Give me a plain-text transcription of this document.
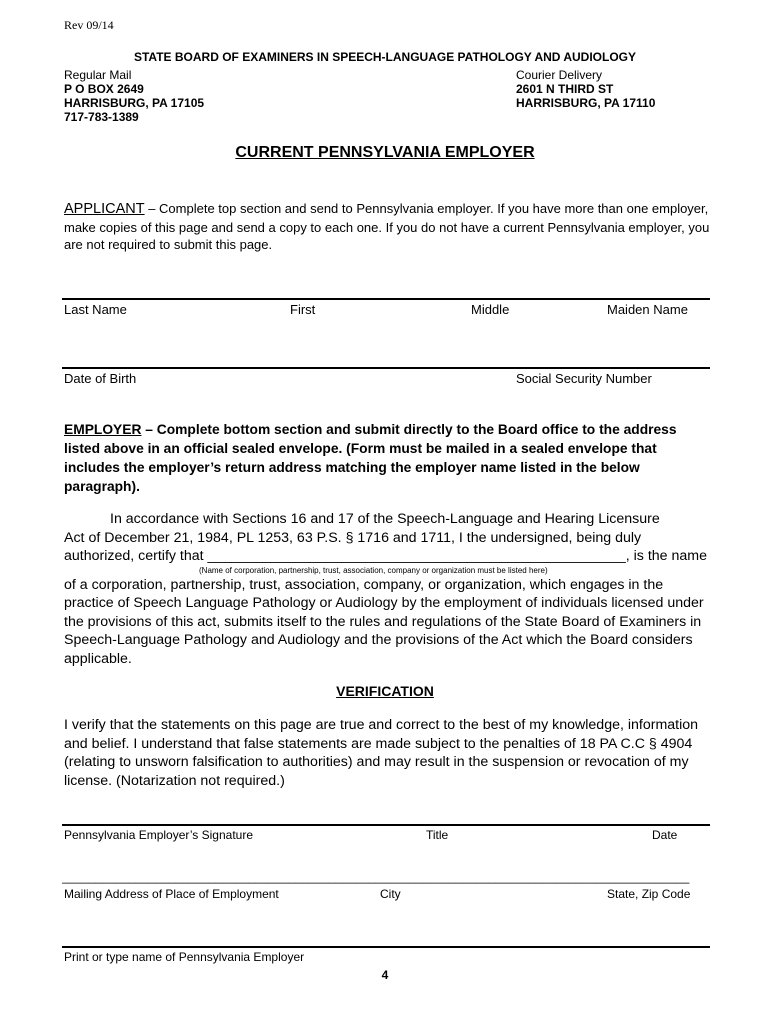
Rev 09/14
STATE BOARD OF EXAMINERS IN SPEECH-LANGUAGE PATHOLOGY AND AUDIOLOGY
Regular Mail
P O BOX 2649
HARRISBURG, PA 17105
717-783-1389
Courier Delivery
2601 N THIRD ST
HARRISBURG, PA 17110
CURRENT PENNSYLVANIA EMPLOYER
APPLICANT – Complete top section and send to Pennsylvania employer. If you have more than one employer, make copies of this page and send a copy to each one. If you do not have a current Pennsylvania employer, you are not required to submit this page.
Last Name	First	Middle	Maiden Name
Date of Birth	Social Security Number
EMPLOYER – Complete bottom section and submit directly to the Board office to the address listed above in an official sealed envelope. (Form must be mailed in a sealed envelope that includes the employer’s return address matching the employer name listed in the below paragraph).
In accordance with Sections 16 and 17 of the Speech-Language and Hearing Licensure
Act of December 21, 1984, PL 1253, 63 P.S. § 1716 and 1711, I the undersigned, being duly
authorized, certify that _____________________________________________________, is the name
(Name of corporation, partnership, trust, association, company or organization must be listed here)
of a corporation, partnership, trust, association, company, or organization, which engages in the practice of Speech Language Pathology or Audiology by the employment of individuals licensed under the provisions of this act, submits itself to the rules and regulations of the State Board of Examiners in Speech-Language Pathology and Audiology and the provisions of the Act which the Board considers applicable.
VERIFICATION
I verify that the statements on this page are true and correct to the best of my knowledge, information and belief. I understand that false statements are made subject to the penalties of 18 PA C.C § 4904 (relating to unsworn falsification to authorities) and may result in the suspension or revocation of my license. (Notarization not required.)
Pennsylvania Employer’s Signature	Title	Date
______________________________________________________________________________________________
Mailing Address of Place of Employment	City	State, Zip Code
Print or type name of Pennsylvania Employer
4
